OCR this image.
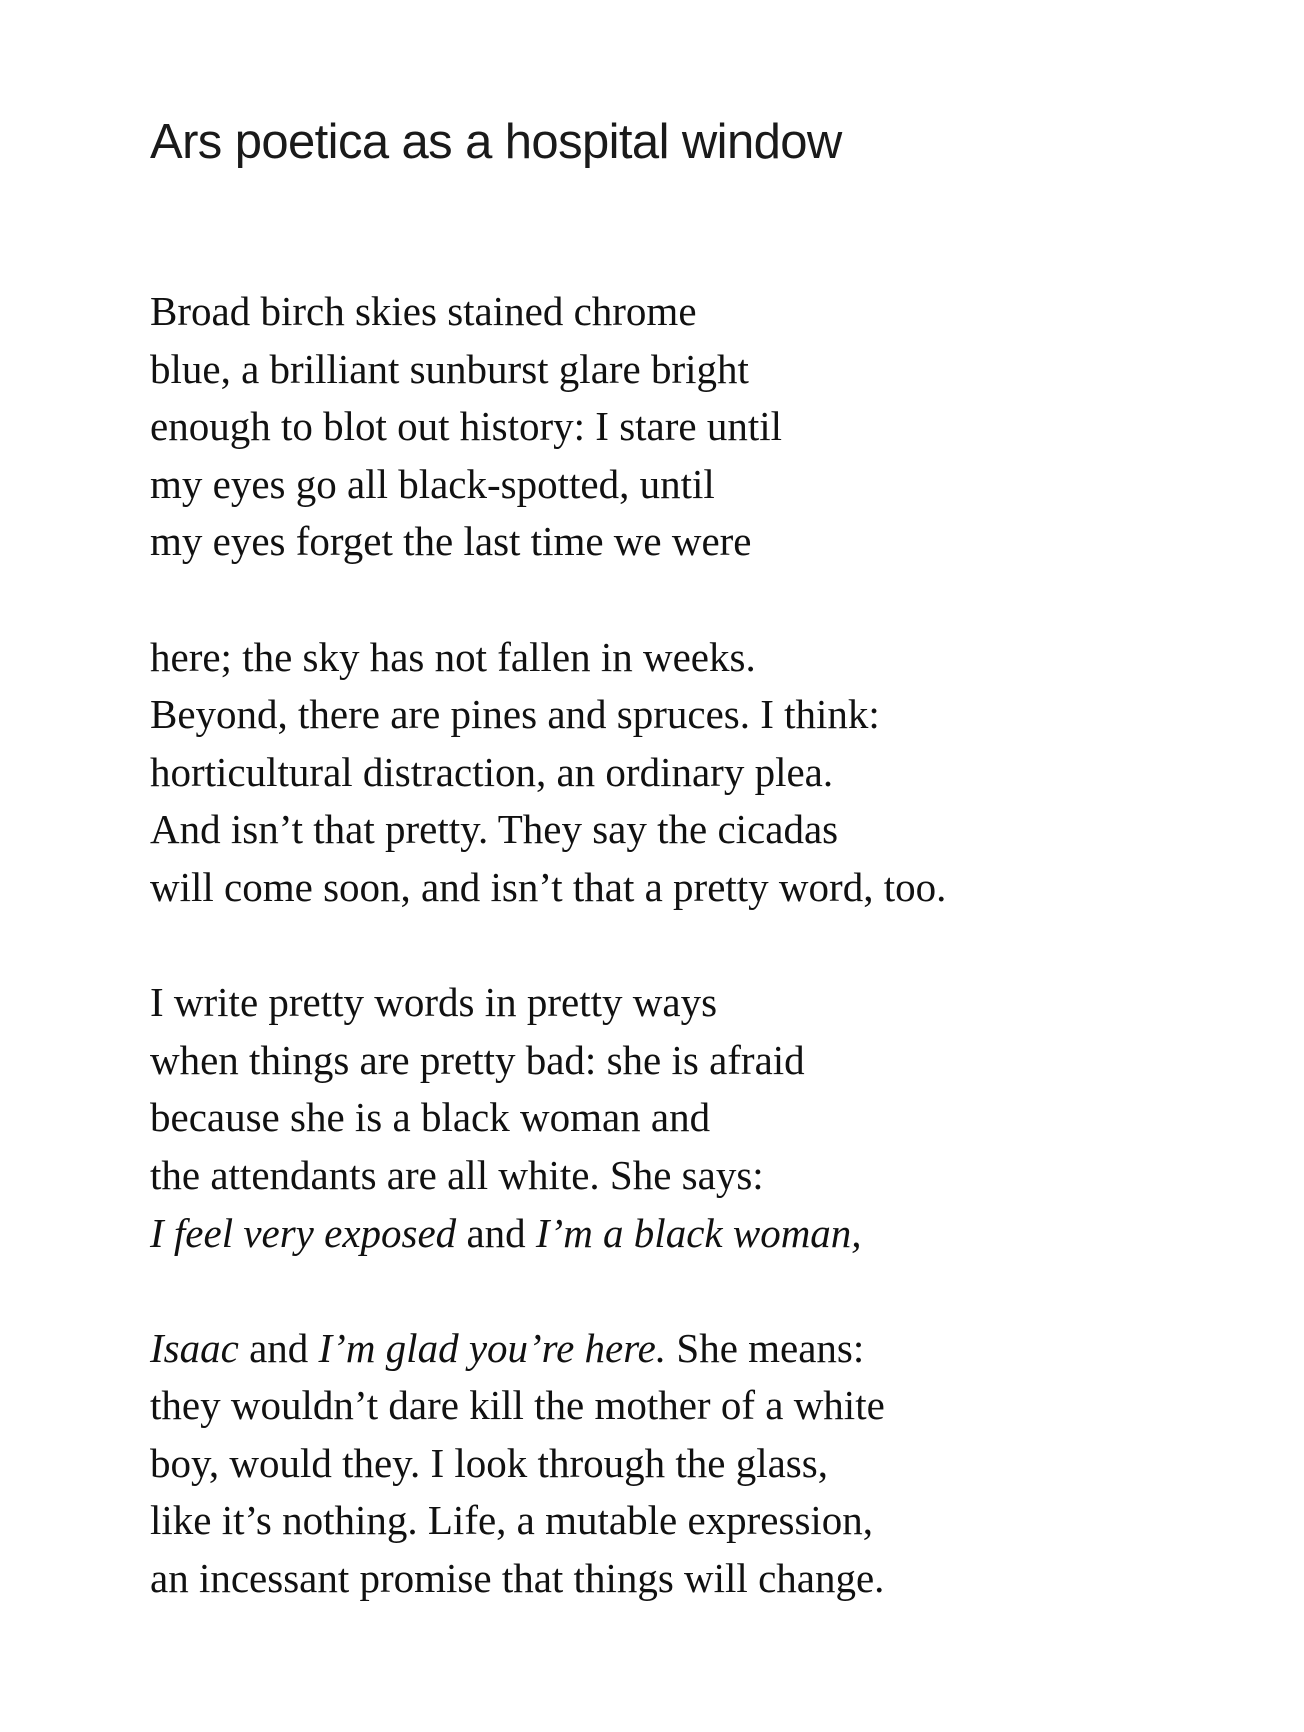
Ars poetica as a hospital window
Broad birch skies stained chrome
blue, a brilliant sunburst glare bright
enough to blot out history: I stare until
my eyes go all black-spotted, until
my eyes forget the last time we were
here; the sky has not fallen in weeks.
Beyond, there are pines and spruces. I think:
horticultural distraction, an ordinary plea.
And isn’t that pretty. They say the cicadas
will come soon, and isn’t that a pretty word, too.
I write pretty words in pretty ways
when things are pretty bad: she is afraid
because she is a black woman and
the attendants are all white. She says:
I feel very exposed and I’m a black woman,
Isaac and I’m glad you’re here. She means:
they wouldn’t dare kill the mother of a white
boy, would they. I look through the glass,
like it’s nothing. Life, a mutable expression,
an incessant promise that things will change.
